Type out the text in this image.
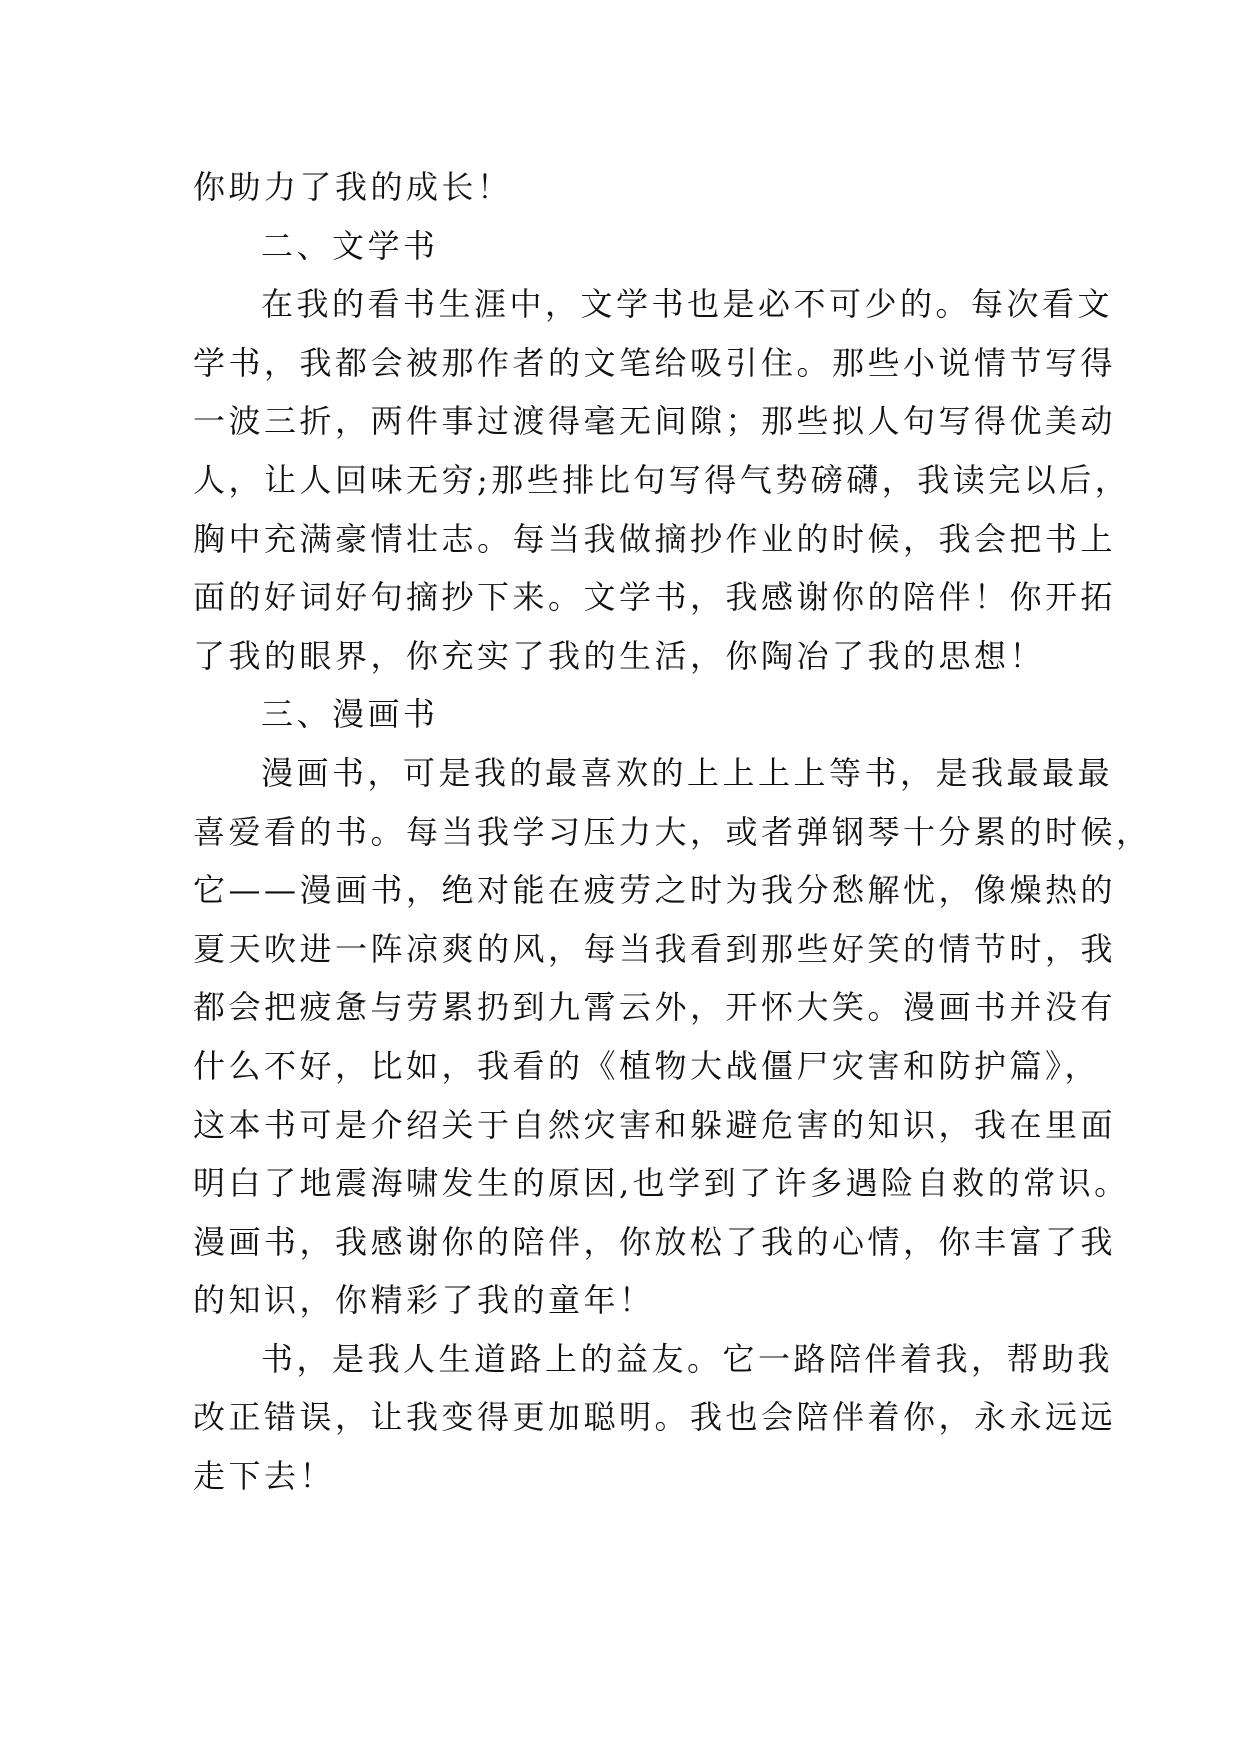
你助力了我的成长！
二、文学书
在我的看书生涯中，文学书也是必不可少的。每次看文
学书，我都会被那作者的文笔给吸引住。那些小说情节写得
一波三折，两件事过渡得毫无间隙；那些拟人句写得优美动
人，让人回味无穷;那些排比句写得气势磅礴，我读完以后，
胸中充满豪情壮志。每当我做摘抄作业的时候，我会把书上
面的好词好句摘抄下来。文学书，我感谢你的陪伴！你开拓
了我的眼界，你充实了我的生活，你陶冶了我的思想！
三、漫画书
漫画书，可是我的最喜欢的上上上上等书，是我最最最
喜爱看的书。每当我学习压力大，或者弹钢琴十分累的时候，
它——漫画书，绝对能在疲劳之时为我分愁解忧，像燥热的
夏天吹进一阵凉爽的风，每当我看到那些好笑的情节时，我
都会把疲惫与劳累扔到九霄云外，开怀大笑。漫画书并没有
什么不好，比如，我看的《植物大战僵尸灾害和防护篇》，
这本书可是介绍关于自然灾害和躲避危害的知识，我在里面
明白了地震海啸发生的原因,也学到了许多遇险自救的常识。
漫画书，我感谢你的陪伴，你放松了我的心情，你丰富了我
的知识，你精彩了我的童年！
书，是我人生道路上的益友。它一路陪伴着我，帮助我
改正错误，让我变得更加聪明。我也会陪伴着你，永永远远
走下去！
